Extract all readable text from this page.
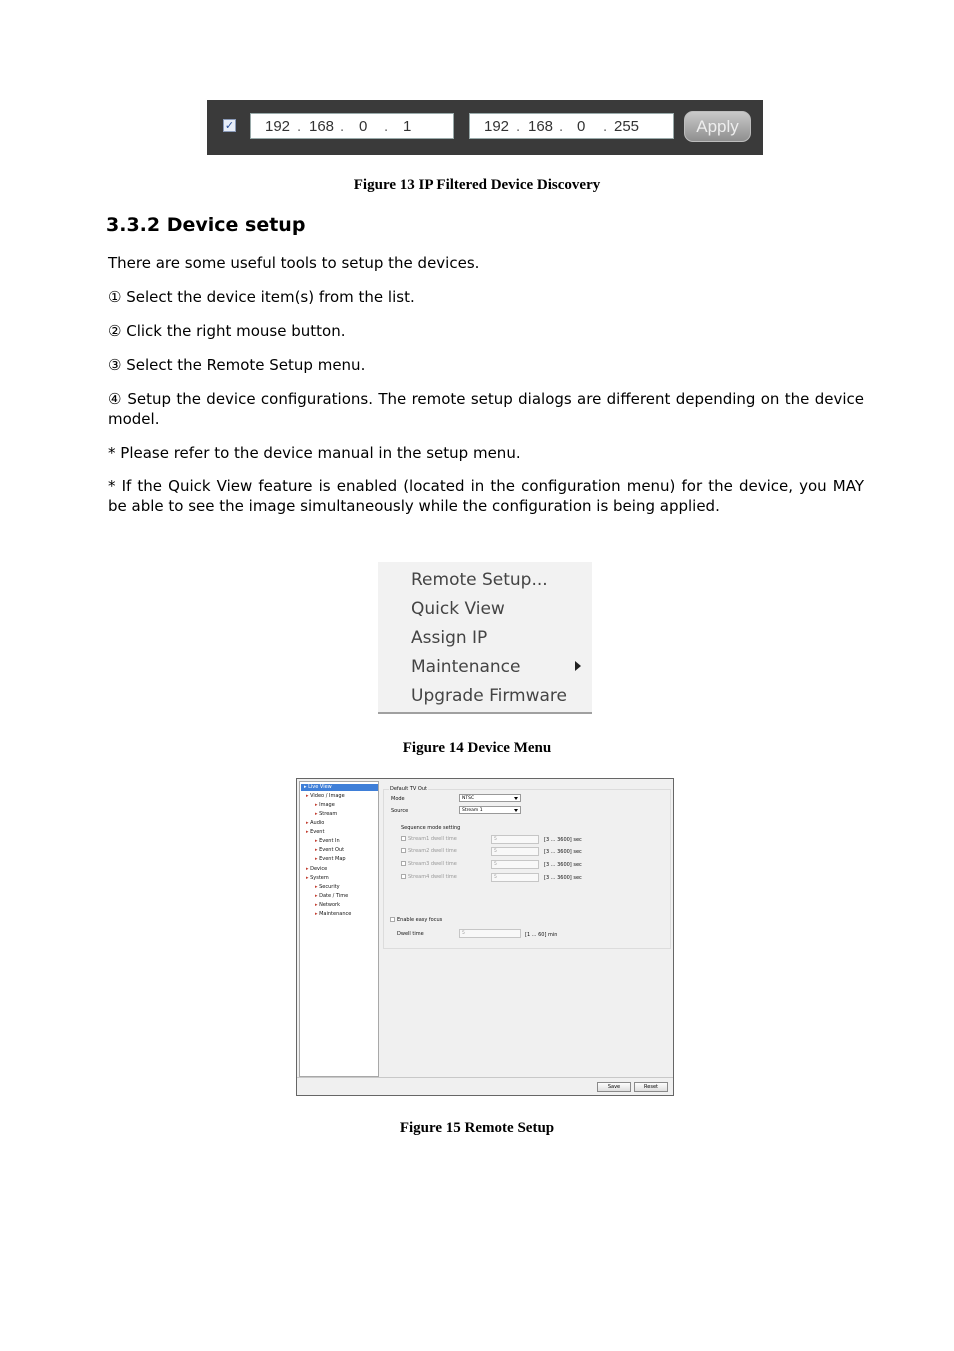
✓ 192 . 168 . 0 . 1	192 . 168 . 0 . 255	Apply
Figure 13 IP Filtered Device Discovery
3.3.2 Device setup

There are some useful tools to setup the devices.

① Select the device item(s) from the list.

② Click the right mouse button.

③ Select the Remote Setup menu.

④ Setup the device configurations. The remote setup dialogs are different depending on the device model.

* Please refer to the device manual in the setup menu.

* If the Quick View feature is enabled (located in the configuration menu) for the device, you MAY be able to see the image simultaneously while the configuration is being applied.

Remote Setup...
Quick View
Assign IP
Maintenance
Upgrade Firmware
Figure 14 Device Menu
▸ Live View
▸ Video / Image
▸ Image
▸ Stream
▸ Audio
▸ Event
▸ Event In
▸ Event Out
▸ Event Map
▸ Device
▸ System
▸ Security
▸ Date / Time
▸ Network
▸ Maintenance
Default TV Out
Mode	NTSC
Source	Stream 1
Sequence mode setting
Stream1 dwell time	5	[3 ... 3600] sec
Stream2 dwell time	5	[3 ... 3600] sec
Stream3 dwell time	5	[3 ... 3600] sec
Stream4 dwell time	5	[3 ... 3600] sec
Enable easy focus
Dwell time	5	[1 ... 60] min
Save	Reset
Figure 15 Remote Setup
